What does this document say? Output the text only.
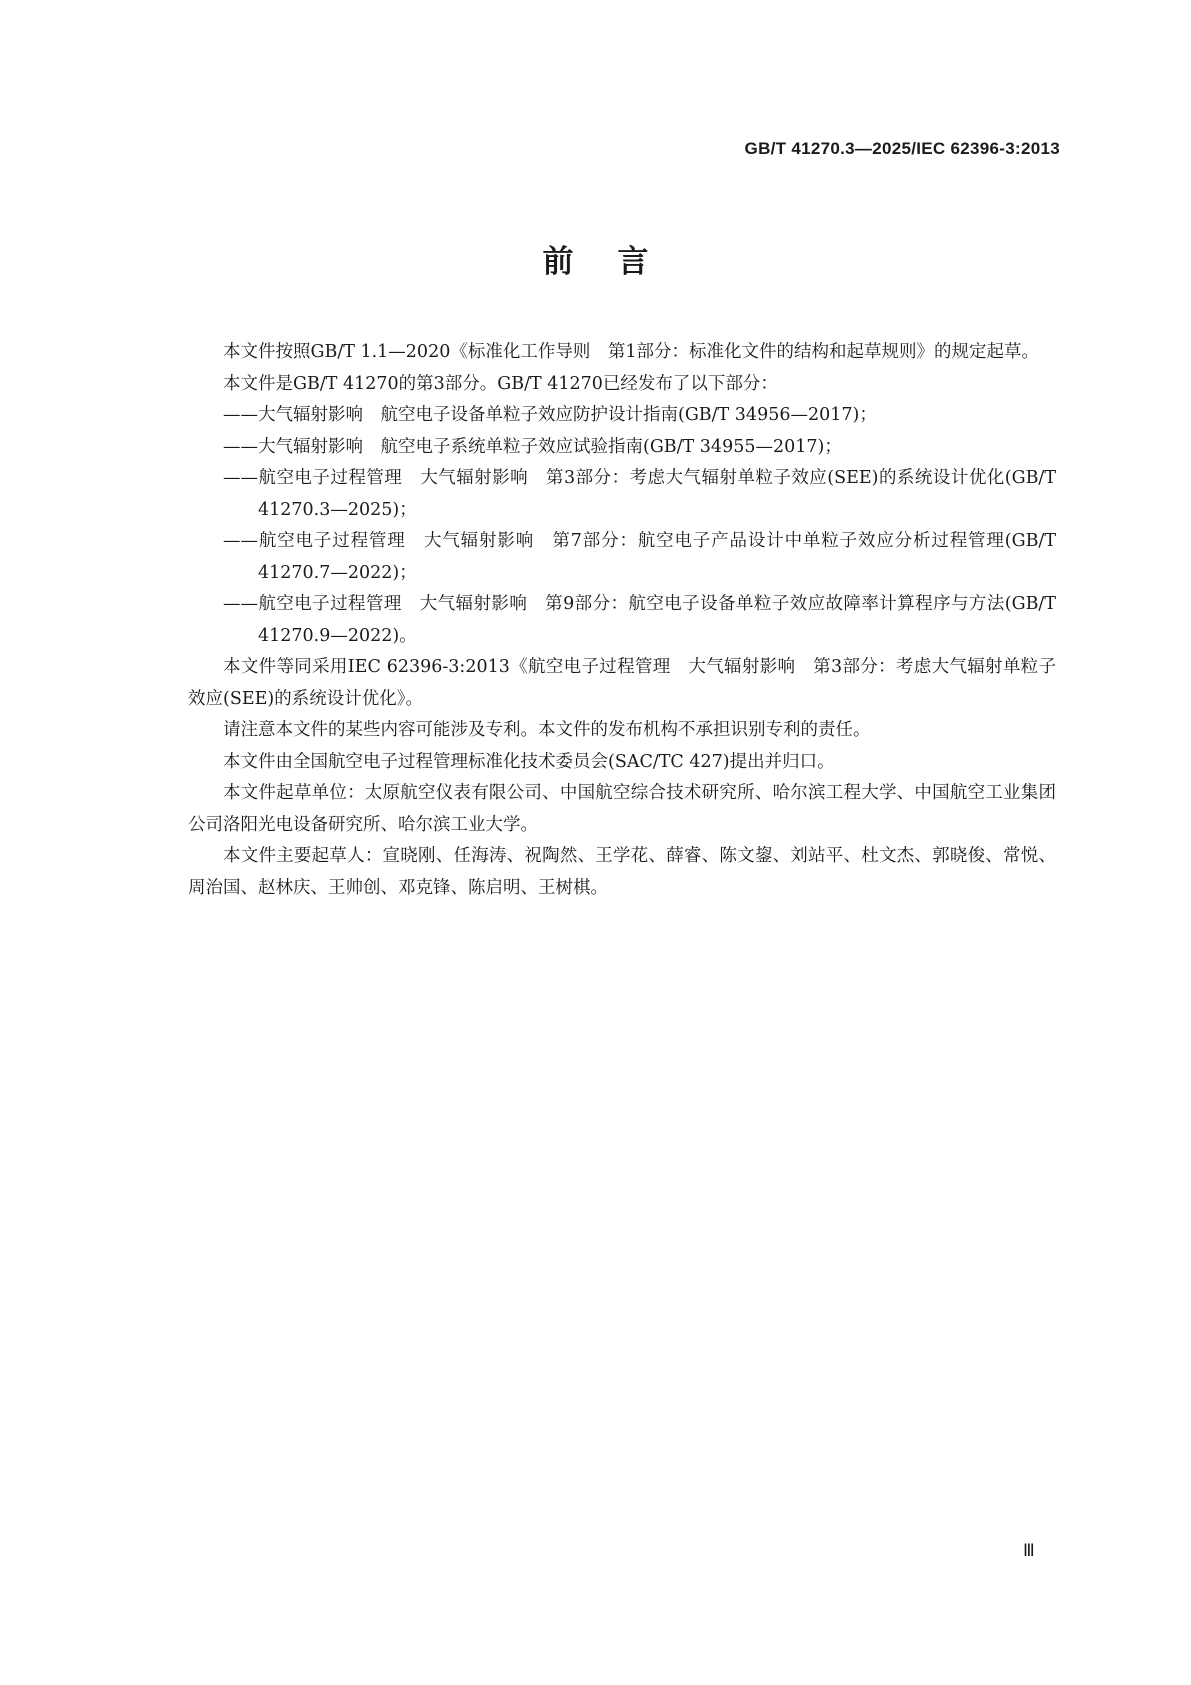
GB/T 41270.3—2025/IEC 62396-3:2013
前言

本文件按照GB/T 1.1—2020《标准化工作导则　第1部分：标准化文件的结构和起草规则》的规定起草。

本文件是GB/T 41270的第3部分。GB/T 41270已经发布了以下部分：

——大气辐射影响　航空电子设备单粒子效应防护设计指南(GB/T 34956—2017)；

——大气辐射影响　航空电子系统单粒子效应试验指南(GB/T 34955—2017)；

——航空电子过程管理　大气辐射影响　第3部分：考虑大气辐射单粒子效应(SEE)的系统设计优化(GB/T 41270.3—2025)；

——航空电子过程管理　大气辐射影响　第7部分：航空电子产品设计中单粒子效应分析过程管理(GB/T 41270.7—2022)；

——航空电子过程管理　大气辐射影响　第9部分：航空电子设备单粒子效应故障率计算程序与方法(GB/T 41270.9—2022)。

本文件等同采用IEC 62396-3:2013《航空电子过程管理　大气辐射影响　第3部分：考虑大气辐射单粒子效应(SEE)的系统设计优化》。

请注意本文件的某些内容可能涉及专利。本文件的发布机构不承担识别专利的责任。

本文件由全国航空电子过程管理标准化技术委员会(SAC/TC 427)提出并归口。

本文件起草单位：太原航空仪表有限公司、中国航空综合技术研究所、哈尔滨工程大学、中国航空工业集团公司洛阳光电设备研究所、哈尔滨工业大学。

本文件主要起草人：宣晓刚、任海涛、祝陶然、王学花、薛睿、陈文鋆、刘站平、杜文杰、郭晓俊、常悦、周治国、赵林庆、王帅创、邓克锋、陈启明、王树棋。

Ⅲ
